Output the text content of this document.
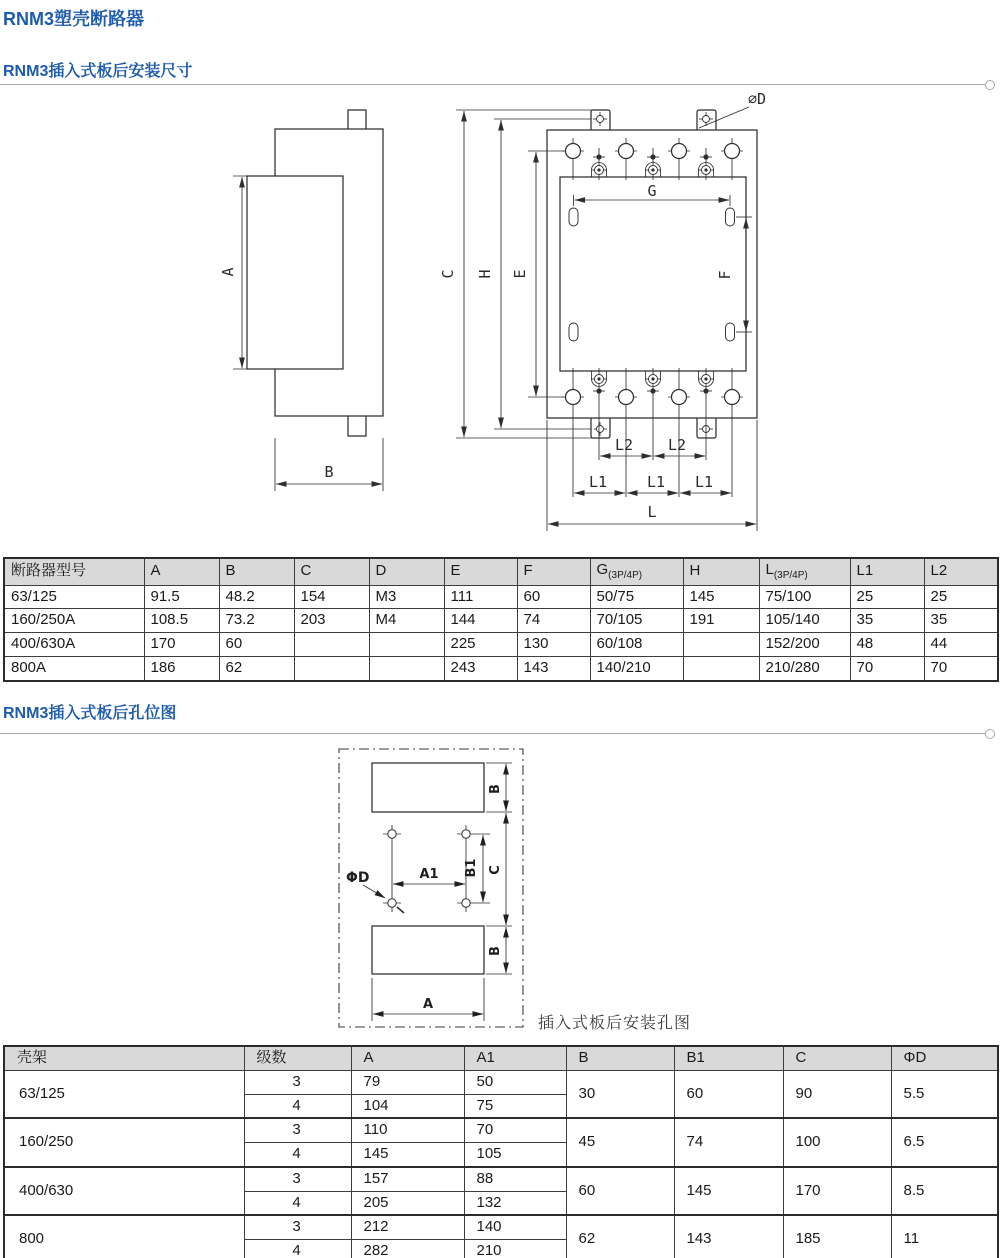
RNM3塑壳断路器
RNM3插入式板后安装尺寸
A
B
G
F
C H E
∅D
L2 L2
L1	L1 L1
L
断路器型号	A	B	C	D	E	F	$G_{(3P/4P)}$	H	$L_{(3P/4P)}$	L1	L2
63/125	91.5	48.2	154	M3	111	60	50/75	145	75/100	25	25
160/250A	108.5	73.2	203	M4	144	74	70/105	191	105/140	35	35
400/630A	170	60			225	130	60/108		152/200	48	44
800A	186	62			243	143	140/210		210/280	70	70
RNM3插入式板后孔位图
ΦD	A1 B1
B
C
B
A
插入式板后安装孔图
壳架	级数	A	A1	B	B1	C	ΦD
63/125	3	79	50	30	60	90	5.5
	4	104	75				
160/250	3	110	70	45	74	100	6.5
	4	145	105				
400/630	3	157	88	60	145	170	8.5
	4	205	132				
800	3	212	140	62	143	185	11
	4	282	210				
